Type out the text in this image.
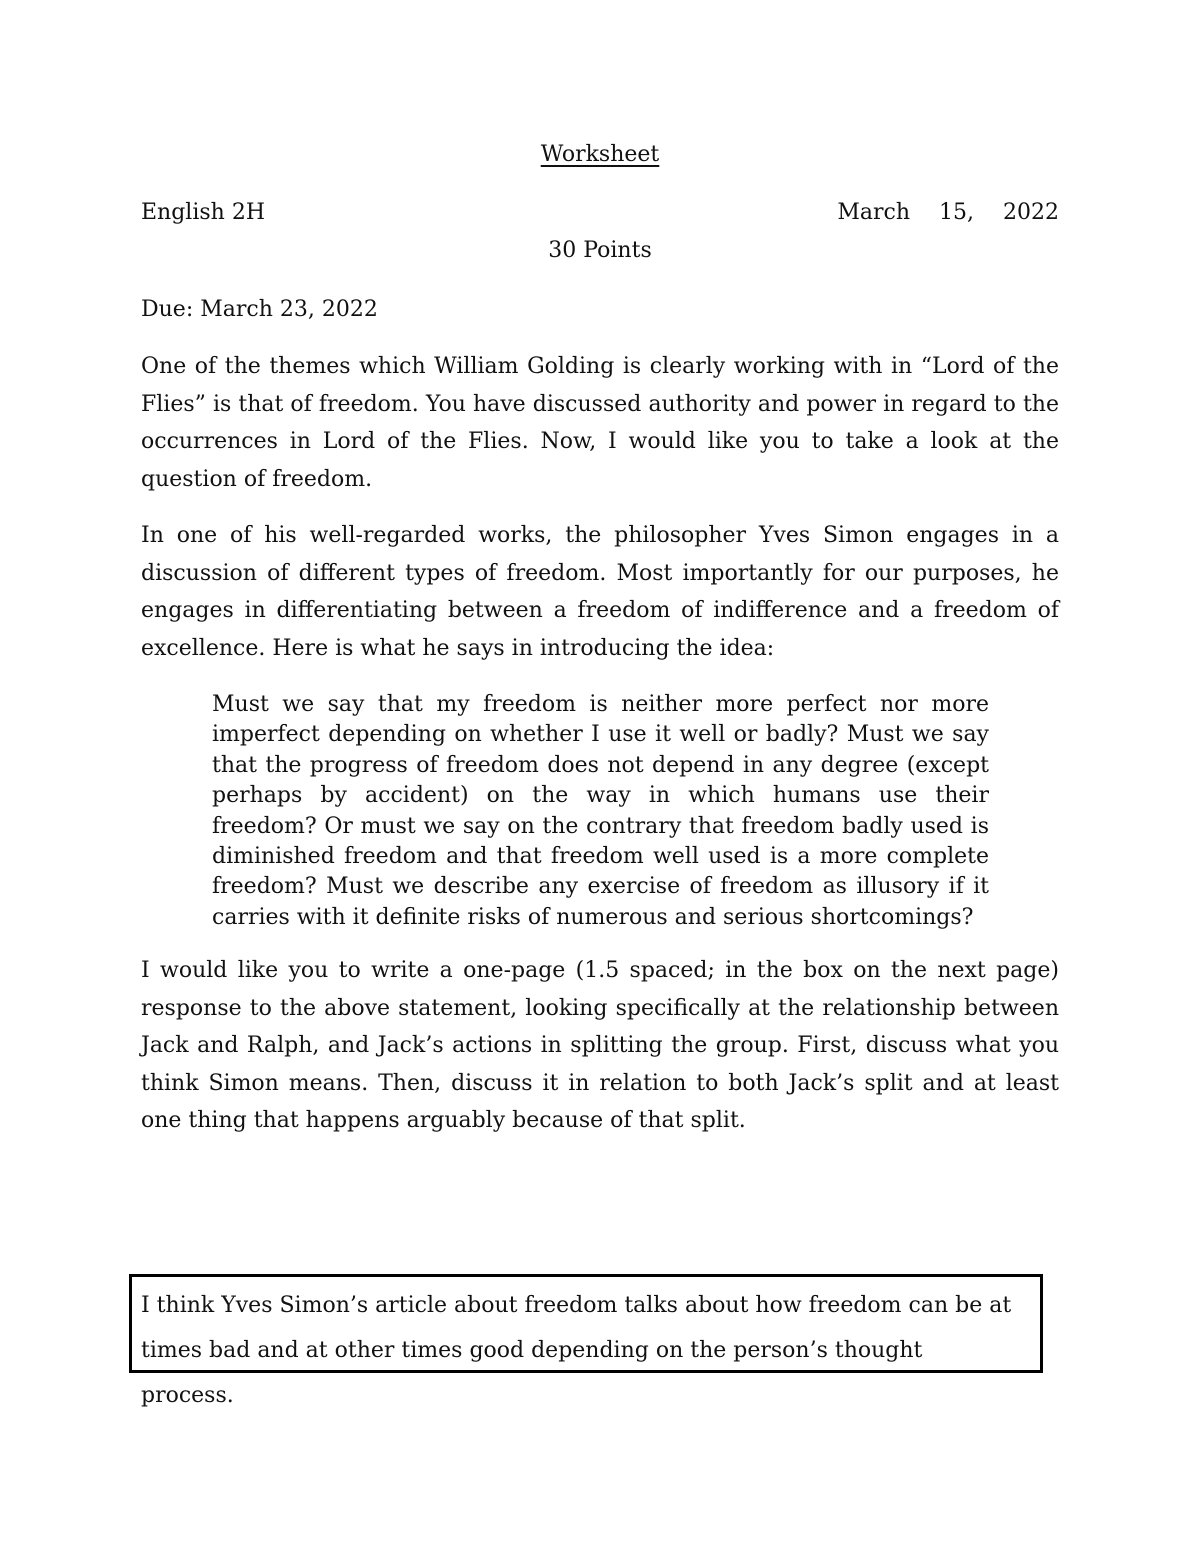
Worksheet
English 2H	March 15, 2022
30 Points
Due: March 23, 2022

One of the themes which William Golding is clearly working with in “Lord of the Flies” is that of freedom. You have discussed authority and power in regard to the occurrences in Lord of the Flies. Now, I would like you to take a look at the question of freedom.

In one of his well-regarded works, the philosopher Yves Simon engages in a discussion of different types of freedom. Most importantly for our purposes, he engages in differentiating between a freedom of indifference and a freedom of excellence. Here is what he says in introducing the idea:

Must we say that my freedom is neither more perfect nor more imperfect depending on whether I use it well or badly? Must we say that the progress of freedom does not depend in any degree (except perhaps by accident) on the way in which humans use their freedom? Or must we say on the contrary that freedom badly used is diminished freedom and that freedom well used is a more complete freedom? Must we describe any exercise of freedom as illusory if it carries with it definite risks of numerous and serious shortcomings?

I would like you to write a one-page (1.5 spaced; in the box on the next page) response to the above statement, looking specifically at the relationship between Jack and Ralph, and Jack’s actions in splitting the group. First, discuss what you think Simon means. Then, discuss it in relation to both Jack’s split and at least one thing that happens arguably because of that split.

I think Yves Simon’s article about freedom talks about how freedom can be at times bad and at other times good depending on the person’s thought process.
